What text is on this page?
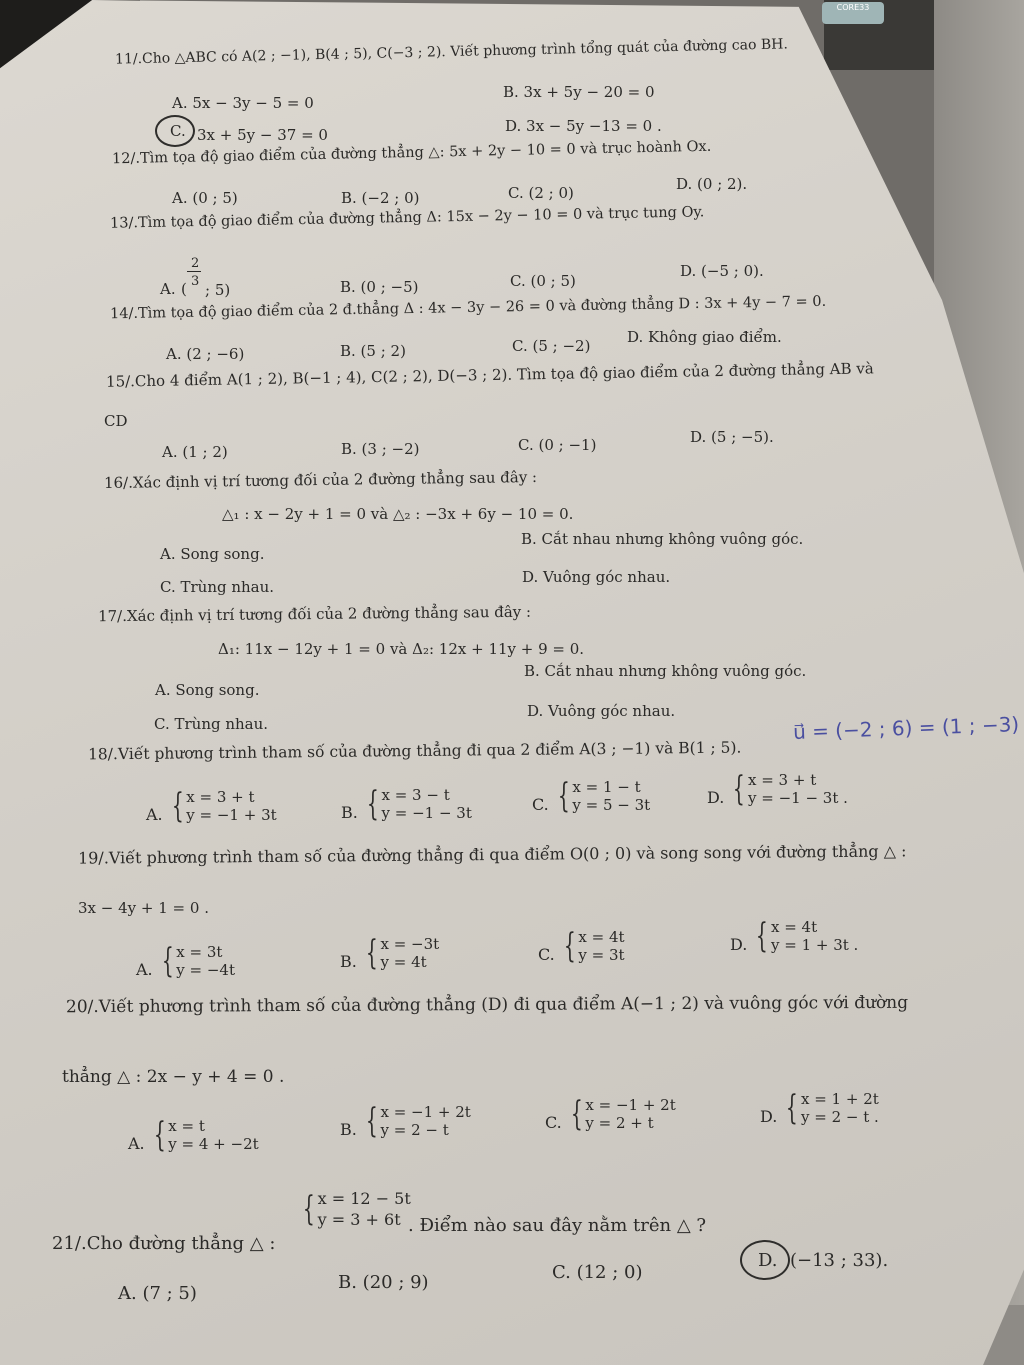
CORE33
11/.Cho △ABC có A(2 ; −1), B(4 ; 5), C(−3 ; 2). Viết phương trình tổng quát của đường cao BH.
A. 5x − 3y − 5 = 0
B. 3x + 5y − 20 = 0
C. 3x + 5y − 37 = 0	D. 3x − 5y −13 = 0 .
12/.Tìm tọa độ giao điểm của đường thẳng △: 5x + 2y − 10 = 0 và trục hoành Ox.
A. (0 ; 5)	B. (−2 ; 0)	C. (2 ; 0)	D. (0 ; 2).
13/.Tìm tọa độ giao điểm của đường thẳng Δ: 15x − 2y − 10 = 0 và trục tung Oy.
A. (
2
3 ; 5)	B. (0 ; −5)	C. (0 ; 5)
D. (−5 ; 0).
14/.Tìm tọa độ giao điểm của 2 đ.thẳng Δ : 4x − 3y − 26 = 0 và đường thẳng D : 3x + 4y − 7 = 0.
A. (2 ; −6)	B. (5 ; 2)	C. (5 ; −2) D. Không giao điểm.
15/.Cho 4 điểm A(1 ; 2), B(−1 ; 4), C(2 ; 2), D(−3 ; 2). Tìm tọa độ giao điểm của 2 đường thẳng AB và
CD
A. (1 ; 2)	B. (3 ; −2)	C. (0 ; −1)	D. (5 ; −5).
16/.Xác định vị trí tương đối của 2 đường thẳng sau đây :
△₁ : x − 2y + 1 = 0 và △₂ : −3x + 6y − 10 = 0.
A. Song song.
B. Cắt nhau nhưng không vuông góc.
C. Trùng nhau.
D. Vuông góc nhau.
17/.Xác định vị trí tương đối của 2 đường thẳng sau đây :
Δ₁: 11x − 12y + 1 = 0 và Δ₂: 12x + 11y + 9 = 0.
A. Song song.
B. Cắt nhau nhưng không vuông góc.
C. Trùng nhau.
D. Vuông góc nhau.
18/.Viết phương trình tham số của đường thẳng đi qua 2 điểm A(3 ; −1) và B(1 ; 5).
u⃗ = (−2 ; 6) = (1 ; −3)
A. { x = 3 + t
y = −1 + 3t	B. { x = 3 − t
y = −1 − 3t	C. { x = 1 − t
y = 5 − 3t	D. { x = 3 + t
y = −1 − 3t .
19/.Viết phương trình tham số của đường thẳng đi qua điểm O(0 ; 0) và song song với đường thẳng △ :
3x − 4y + 1 = 0 .
A. { x = 3t
y = −4t	B. { x = −3t
y = 4t	C. { x = 4t
y = 3t
D. { x = 4t
y = 1 + 3t .
20/.Viết phương trình tham số của đường thẳng (D) đi qua điểm A(−1 ; 2) và vuông góc với đường
thẳng △ : 2x − y + 4 = 0 .
A. { x = t
y = 4 + −2t
B. { x = −1 + 2t
y = 2 − t	C. { x = −1 + 2t
y = 2 + t	D. { x = 1 + 2t
y = 2 − t .
21/.Cho đường thẳng △ :
{ x = 12 − 5t
y = 3 + 6t . Điểm nào sau đây nằm trên △ ?
A. (7 ; 5)
B. (20 ; 9)	C. (12 ; 0)
D. (−13 ; 33).
